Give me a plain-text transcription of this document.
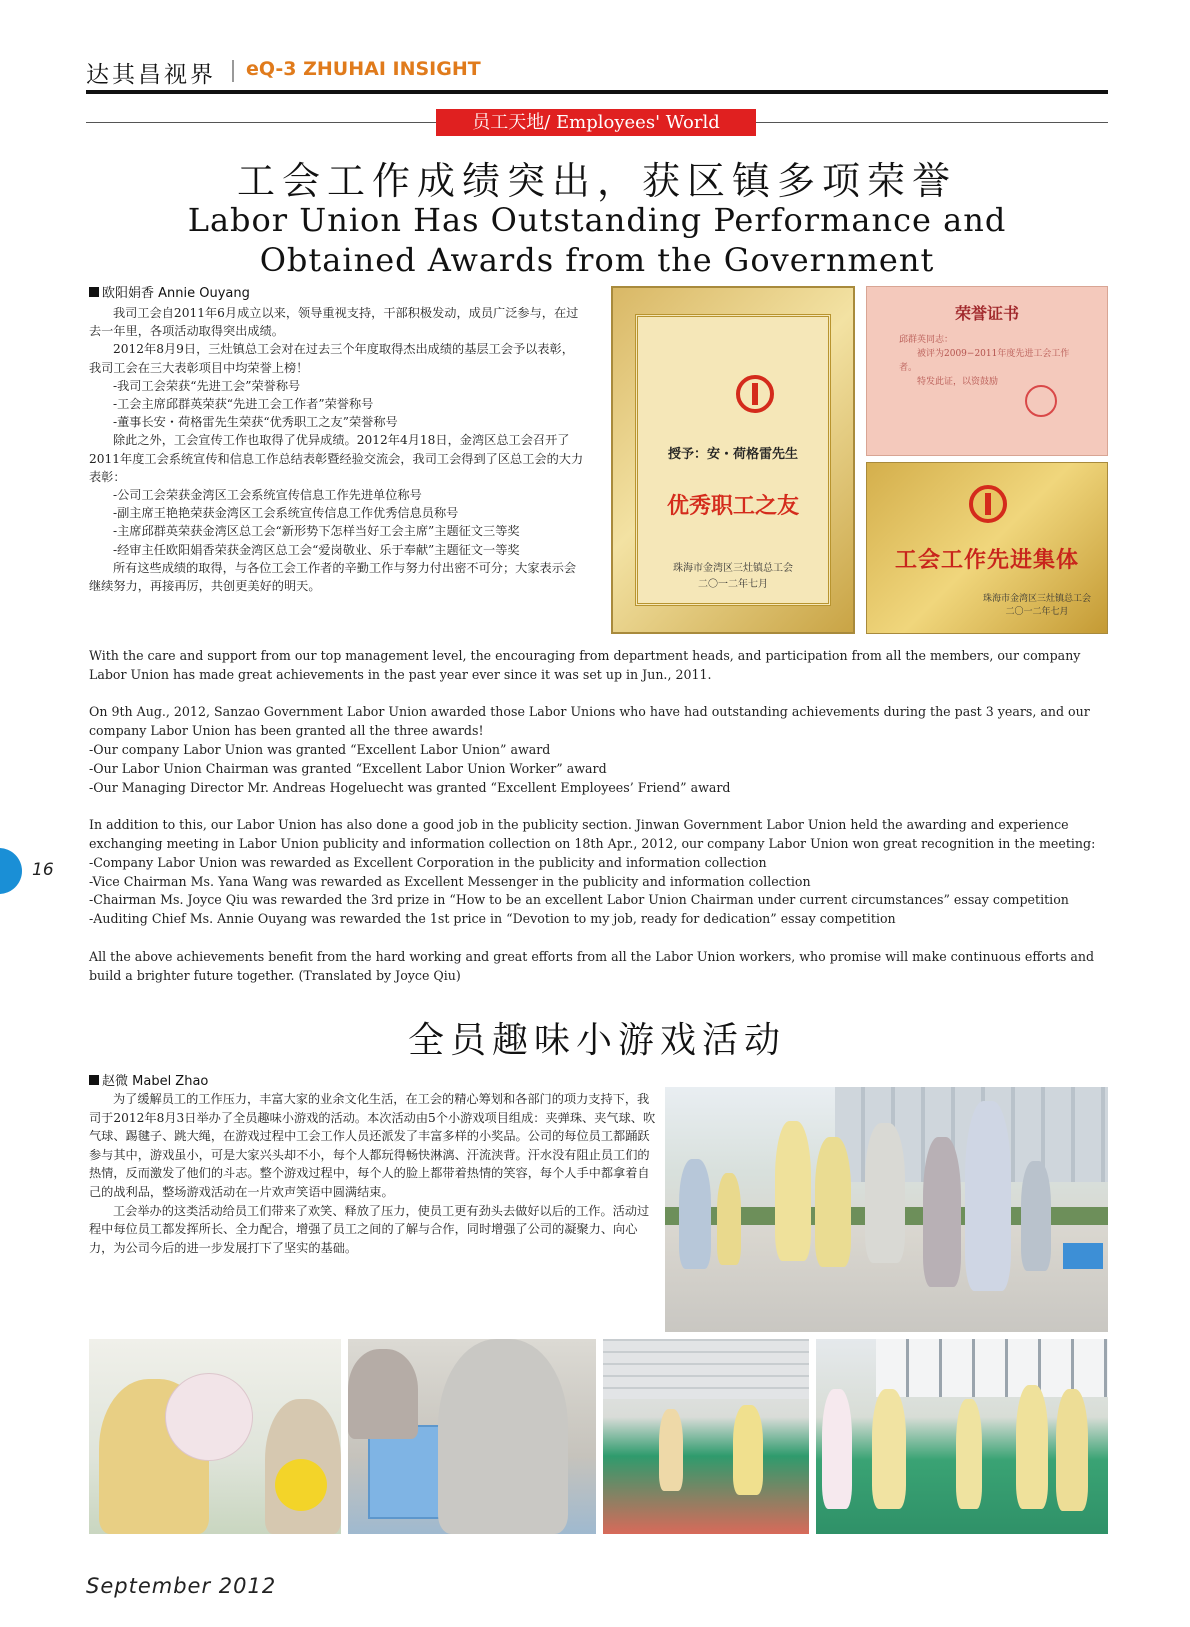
达其昌视界 eQ-3 ZHUHAI INSIGHT
员工天地/ Employees' World
工会工作成绩突出，获区镇多项荣誉
Labor Union Has Outstanding Performance and
Obtained Awards from the Government
欧阳娟香 Annie Ouyang

我司工会自2011年6月成立以来，领导重视支持，干部积极发动，成员广泛参与，在过去一年里，各项活动取得突出成绩。

2012年8月9日，三灶镇总工会对在过去三个年度取得杰出成绩的基层工会予以表彰，我司工会在三大表彰项目中均荣誉上榜！

-我司工会荣获“先进工会”荣誉称号

-工会主席邱群英荣获“先进工会工作者”荣誉称号

-董事长安・荷格雷先生荣获“优秀职工之友”荣誉称号

除此之外，工会宣传工作也取得了优异成绩。2012年4月18日，金湾区总工会召开了2011年度工会系统宣传和信息工作总结表彰暨经验交流会，我司工会得到了区总工会的大力表彰：

-公司工会荣获金湾区工会系统宣传信息工作先进单位称号

-副主席王艳艳荣获金湾区工会系统宣传信息工作优秀信息员称号

-主席邱群英荣获金湾区总工会“新形势下怎样当好工会主席”主题征文三等奖

-经审主任欧阳娟香荣获金湾区总工会“爱岗敬业、乐于奉献”主题征文一等奖

所有这些成绩的取得，与各位工会工作者的辛勤工作与努力付出密不可分；大家表示会继续努力，再接再厉，共创更美好的明天。

授予：安・荷格雷先生
优秀职工之友
珠海市金湾区三灶镇总工会
二〇一二年七月
荣誉证书
邱群英同志：
被评为2009−2011年度先进工会工作者。
特发此证，以资鼓励
工会工作先进集体
珠海市金湾区三灶镇总工会
二〇一二年七月

With the care and support from our top management level, the encouraging from department heads, and participation from all the members, our company Labor Union has made great achievements in the past year ever since it was set up in Jun., 2011.

On 9th Aug., 2012, Sanzao Government Labor Union awarded those Labor Unions who have had outstanding achievements during the past 3 years, and our company Labor Union has been granted all the three awards!
-Our company Labor Union was granted “Excellent Labor Union” award
-Our Labor Union Chairman was granted “Excellent Labor Union Worker” award
-Our Managing Director Mr. Andreas Hogeluecht was granted “Excellent Employees’ Friend” award

In addition to this, our Labor Union has also done a good job in the publicity section. Jinwan Government Labor Union held the awarding and experience exchanging meeting in Labor Union publicity and information collection on 18th Apr., 2012, our company Labor Union won great recognition in the meeting:
-Company Labor Union was rewarded as Excellent Corporation in the publicity and information collection
-Vice Chairman Ms. Yana Wang was rewarded as Excellent Messenger in the publicity and information collection
-Chairman Ms. Joyce Qiu was rewarded the 3rd prize in “How to be an excellent Labor Union Chairman under current circumstances” essay competition
-Auditing Chief Ms. Annie Ouyang was rewarded the 1st price in “Devotion to my job, ready for dedication” essay competition

All the above achievements benefit from the hard working and great efforts from all the Labor Union workers, who promise will make continuous efforts and build a brighter future together. (Translated by Joyce Qiu)

16
全员趣味小游戏活动
赵微 Mabel Zhao

为了缓解员工的工作压力，丰富大家的业余文化生活，在工会的精心筹划和各部门的项力支持下，我司于2012年8月3日举办了全员趣味小游戏的活动。本次活动由5个小游戏项目组成：夹弹珠、夹气球、吹气球、踢毽子、跳大绳，在游戏过程中工会工作人员还派发了丰富多样的小奖品。公司的每位员工都踊跃参与其中，游戏虽小，可是大家兴头却不小，每个人都玩得畅快淋漓、汗流浃背。汗水没有阻止员工们的热情，反而激发了他们的斗志。整个游戏过程中，每个人的脸上都带着热情的笑容，每个人手中都拿着自己的战利品，整场游戏活动在一片欢声笑语中圆满结束。

工会举办的这类活动给员工们带来了欢笑、释放了压力，使员工更有劲头去做好以后的工作。活动过程中每位员工都发挥所长、全力配合，增强了员工之间的了解与合作，同时增强了公司的凝聚力、向心力，为公司今后的进一步发展打下了坚实的基础。

September 2012
